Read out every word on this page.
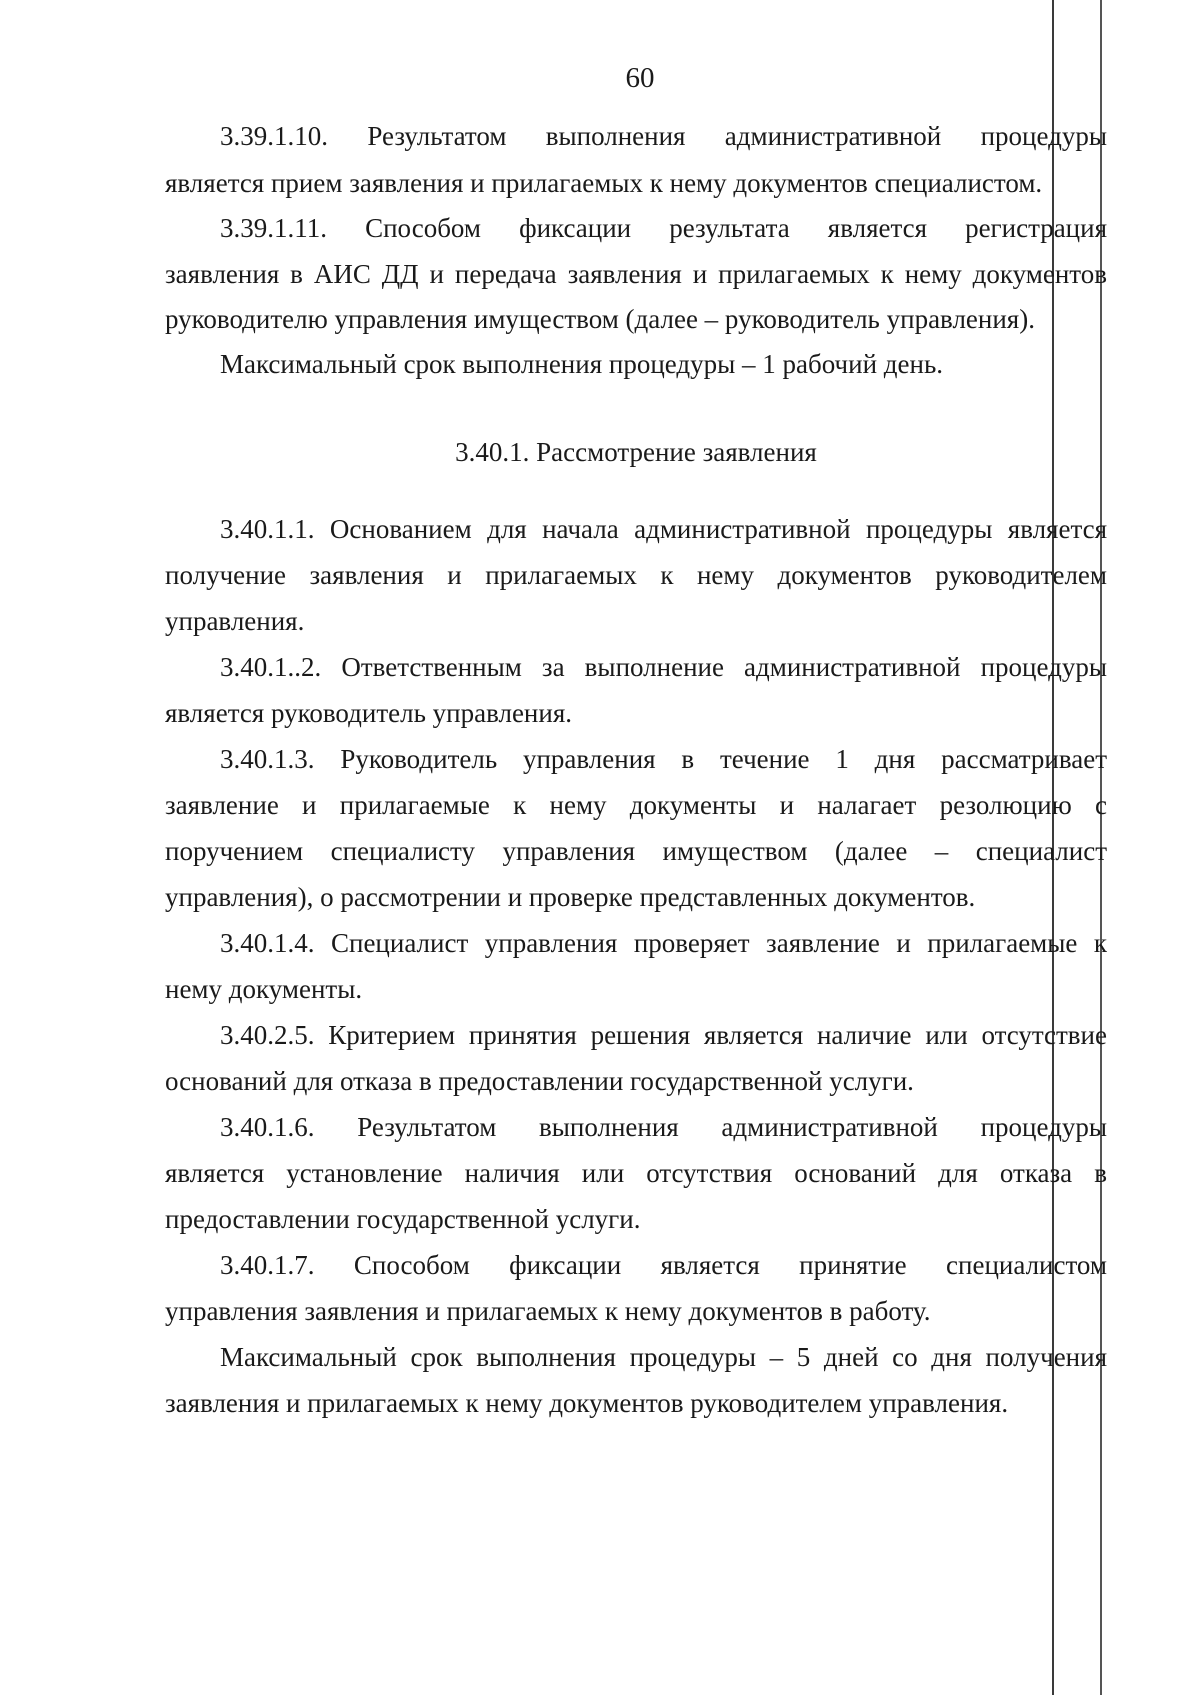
60
3.39.1.10. Результатом выполнения административной процедуры
является прием заявления и прилагаемых к нему документов специалистом.
3.39.1.11. Способом фиксации результата является регистрация
заявления в АИС ДД и передача заявления и прилагаемых к нему документов
руководителю управления имуществом (далее – руководитель управления).
Максимальный срок выполнения процедуры – 1 рабочий день.
3.40.1. Рассмотрение заявления
3.40.1.1. Основанием для начала административной процедуры является
получение заявления и прилагаемых к нему документов руководителем
управления.
3.40.1..2. Ответственным за выполнение административной процедуры
является руководитель управления.
3.40.1.3. Руководитель управления в течение 1 дня рассматривает
заявление и прилагаемые к нему документы и налагает резолюцию с
поручением специалисту управления имуществом (далее – специалист
управления), о рассмотрении и проверке представленных документов.
3.40.1.4. Специалист управления проверяет заявление и прилагаемые к
нему документы.
3.40.2.5. Критерием принятия решения является наличие или отсутствие
оснований для отказа в предоставлении государственной услуги.
3.40.1.6. Результатом выполнения административной процедуры
является установление наличия или отсутствия оснований для отказа в
предоставлении государственной услуги.
3.40.1.7. Способом фиксации является принятие специалистом
управления заявления и прилагаемых к нему документов в работу.
Максимальный срок выполнения процедуры – 5 дней со дня получения
заявления и прилагаемых к нему документов руководителем управления.
